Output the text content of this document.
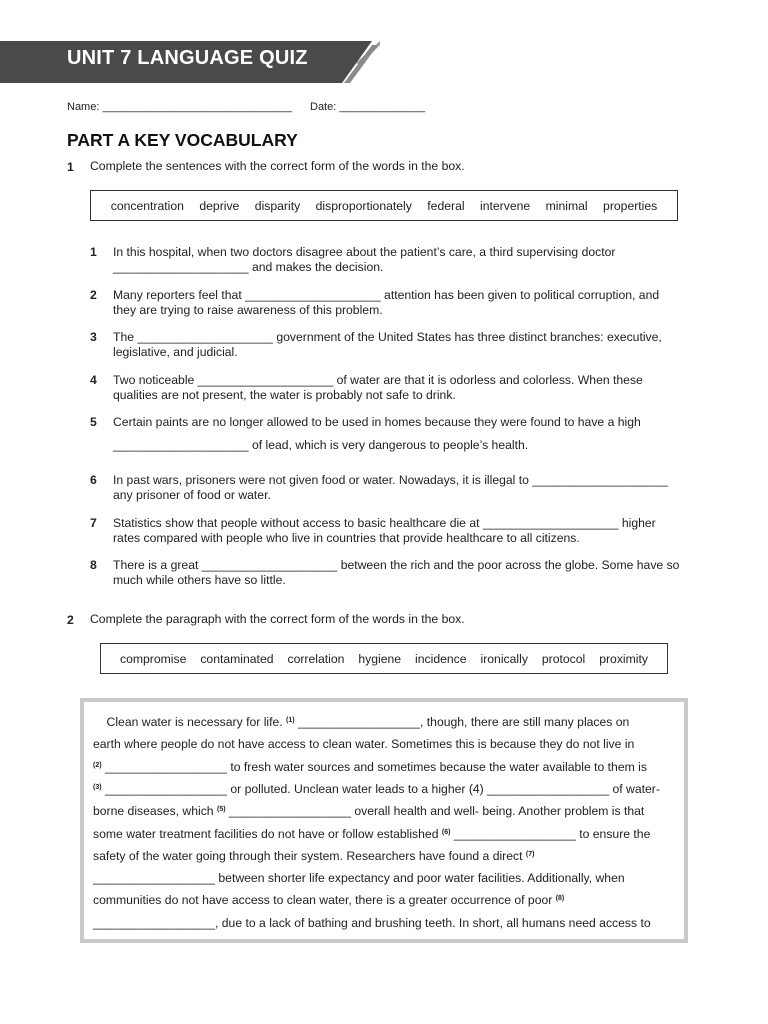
UNIT 7 LANGUAGE QUIZ
Name: _______________________________ Date: ______________
PART A KEY VOCABULARY
1 Complete the sentences with the correct form of the words in the box.
concentration deprive disparity disproportionately federal intervene minimal properties
1 In this hospital, when two doctors disagree about the patient’s care, a third supervising doctor
____________________ and makes the decision.
2 Many reporters feel that ____________________ attention has been given to political corruption, and
they are trying to raise awareness of this problem.
3 The ____________________ government of the United States has three distinct branches: executive,
legislative, and judicial.
4 Two noticeable ____________________ of water are that it is odorless and colorless. When these
qualities are not present, the water is probably not safe to drink.
5 Certain paints are no longer allowed to be used in homes because they were found to have a high
____________________ of lead, which is very dangerous to people’s health.
6 In past wars, prisoners were not given food or water. Nowadays, it is illegal to ____________________
any prisoner of food or water.
7 Statistics show that people without access to basic healthcare die at ____________________ higher
rates compared with people who live in countries that provide healthcare to all citizens.
8 There is a great ____________________ between the rich and the poor across the globe. Some have so
much while others have so little.
2 Complete the paragraph with the correct form of the words in the box.
compromise contaminated correlation hygiene incidence ironically protocol proximity
Clean water is necessary for life. $^{(1)}$ __________________, though, there are still many places on
earth where people do not have access to clean water. Sometimes this is because they do not live in
$^{(2)}$ __________________ to fresh water sources and sometimes because the water available to them is
$^{(3)}$ __________________ or polluted. Unclean water leads to a higher (4) __________________ of water-
borne diseases, which $^{(5)}$ __________________ overall health and well- being. Another problem is that
some water treatment facilities do not have or follow established $^{(6)}$ __________________ to ensure the
safety of the water going through their system. Researchers have found a direct $^{(7)}$
__________________ between shorter life expectancy and poor water facilities. Additionally, when
communities do not have access to clean water, there is a greater occurrence of poor $^{(8)}$
__________________, due to a lack of bathing and brushing teeth. In short, all humans need access to
